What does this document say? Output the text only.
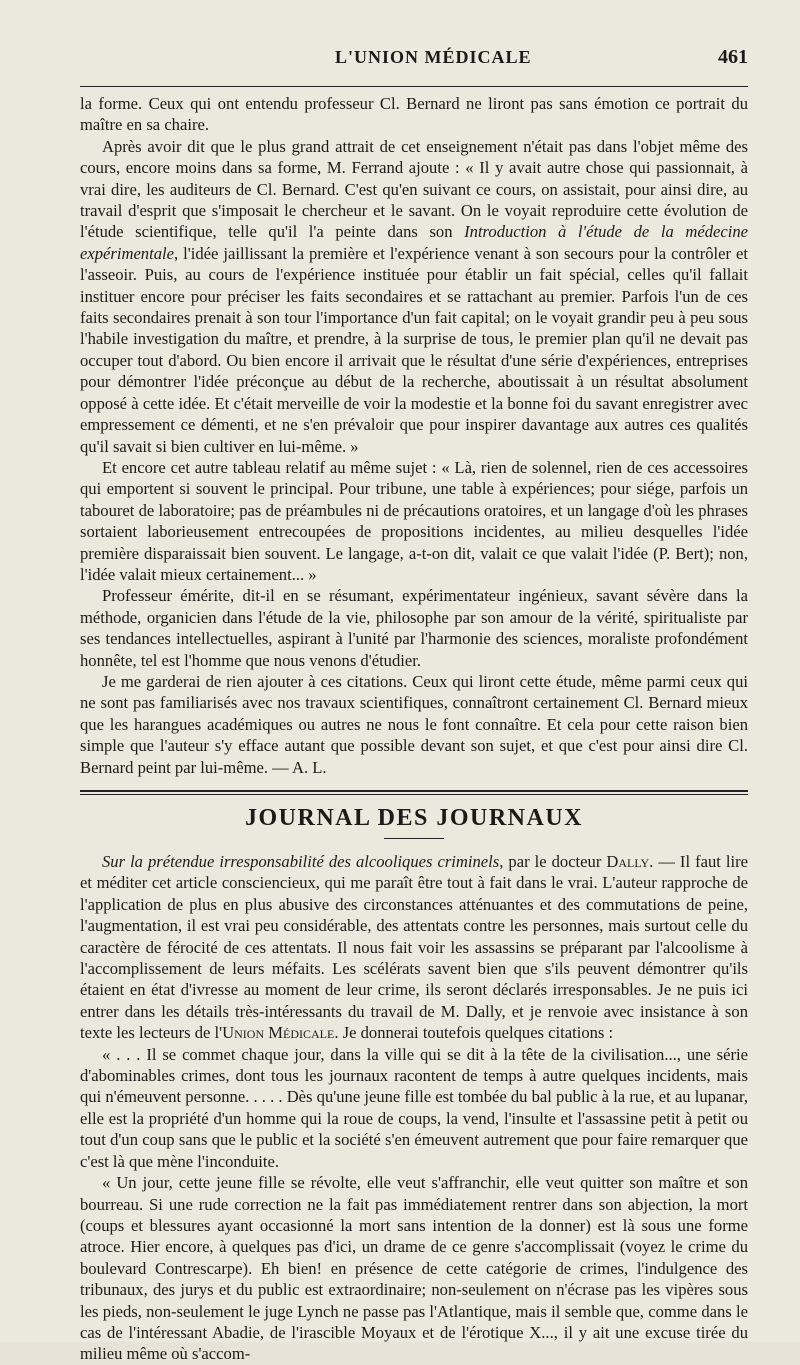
L'UNION MÉDICALE	461

la forme. Ceux qui ont entendu professeur Cl. Bernard ne liront pas sans émotion ce portrait du maître en sa chaire.

Après avoir dit que le plus grand attrait de cet enseignement n'était pas dans l'objet même des cours, encore moins dans sa forme, M. Ferrand ajoute : « Il y avait autre chose qui passionnait, à vrai dire, les auditeurs de Cl. Bernard. C'est qu'en suivant ce cours, on assistait, pour ainsi dire, au travail d'esprit que s'imposait le chercheur et le savant. On le voyait reproduire cette évolution de l'étude scientifique, telle qu'il l'a peinte dans son Introduction à l'étude de la médecine expérimentale, l'idée jaillissant la première et l'expérience venant à son secours pour la contrôler et l'asseoir. Puis, au cours de l'expérience instituée pour établir un fait spécial, celles qu'il fallait instituer encore pour préciser les faits secondaires et se rattachant au premier. Parfois l'un de ces faits secondaires prenait à son tour l'importance d'un fait capital; on le voyait grandir peu à peu sous l'habile investigation du maître, et prendre, à la surprise de tous, le premier plan qu'il ne devait pas occuper tout d'abord. Ou bien encore il arrivait que le résultat d'une série d'expériences, entreprises pour démontrer l'idée préconçue au début de la recherche, aboutissait à un résultat absolument opposé à cette idée. Et c'était merveille de voir la modestie et la bonne foi du savant enregistrer avec empressement ce démenti, et ne s'en prévaloir que pour inspirer davantage aux autres ces qualités qu'il savait si bien cultiver en lui-même. »

Et encore cet autre tableau relatif au même sujet : « Là, rien de solennel, rien de ces accessoires qui emportent si souvent le principal. Pour tribune, une table à expériences; pour siége, parfois un tabouret de laboratoire; pas de préambules ni de précautions oratoires, et un langage d'où les phrases sortaient laborieusement entrecoupées de propositions incidentes, au milieu desquelles l'idée première disparaissait bien souvent. Le langage, a-t-on dit, valait ce que valait l'idée (P. Bert); non, l'idée valait mieux certainement... »

Professeur émérite, dit-il en se résumant, expérimentateur ingénieux, savant sévère dans la méthode, organicien dans l'étude de la vie, philosophe par son amour de la vérité, spiritualiste par ses tendances intellectuelles, aspirant à l'unité par l'harmonie des sciences, moraliste profondément honnête, tel est l'homme que nous venons d'étudier.

Je me garderai de rien ajouter à ces citations. Ceux qui liront cette étude, même parmi ceux qui ne sont pas familiarisés avec nos travaux scientifiques, connaîtront certainement Cl. Bernard mieux que les harangues académiques ou autres ne nous le font connaître. Et cela pour cette raison bien simple que l'auteur s'y efface autant que possible devant son sujet, et que c'est pour ainsi dire Cl. Bernard peint par lui-même. — A. L.

JOURNAL DES JOURNAUX

Sur la prétendue irresponsabilité des alcooliques criminels, par le docteur Dally. — Il faut lire et méditer cet article consciencieux, qui me paraît être tout à fait dans le vrai. L'auteur rapproche de l'application de plus en plus abusive des circonstances atténuantes et des commutations de peine, l'augmentation, il est vrai peu considérable, des attentats contre les personnes, mais surtout celle du caractère de férocité de ces attentats. Il nous fait voir les assassins se préparant par l'alcoolisme à l'accomplissement de leurs méfaits. Les scélérats savent bien que s'ils peuvent démontrer qu'ils étaient en état d'ivresse au moment de leur crime, ils seront déclarés irresponsables. Je ne puis ici entrer dans les détails très-intéressants du travail de M. Dally, et je renvoie avec insistance à son texte les lecteurs de l'Union Médicale. Je donnerai toutefois quelques citations :

« . . . Il se commet chaque jour, dans la ville qui se dit à la tête de la civilisation..., une série d'abominables crimes, dont tous les journaux racontent de temps à autre quelques incidents, mais qui n'émeuvent personne. . . . . Dès qu'une jeune fille est tombée du bal public à la rue, et au lupanar, elle est la propriété d'un homme qui la roue de coups, la vend, l'insulte et l'assassine petit à petit ou tout d'un coup sans que le public et la société s'en émeuvent autrement que pour faire remarquer que c'est là que mène l'inconduite.

« Un jour, cette jeune fille se révolte, elle veut s'affranchir, elle veut quitter son maître et son bourreau. Si une rude correction ne la fait pas immédiatement rentrer dans son abjection, la mort (coups et blessures ayant occasionné la mort sans intention de la donner) est là sous une forme atroce. Hier encore, à quelques pas d'ici, un drame de ce genre s'accomplissait (voyez le crime du boulevard Contrescarpe). Eh bien! en présence de cette catégorie de crimes, l'indulgence des tribunaux, des jurys et du public est extraordinaire; non-seulement on n'écrase pas les vipères sous les pieds, non-seulement le juge Lynch ne passe pas l'Atlantique, mais il semble que, comme dans le cas de l'intéressant Abadie, de l'irascible Moyaux et de l'érotique X..., il y ait une excuse tirée du milieu même où s'accom-
